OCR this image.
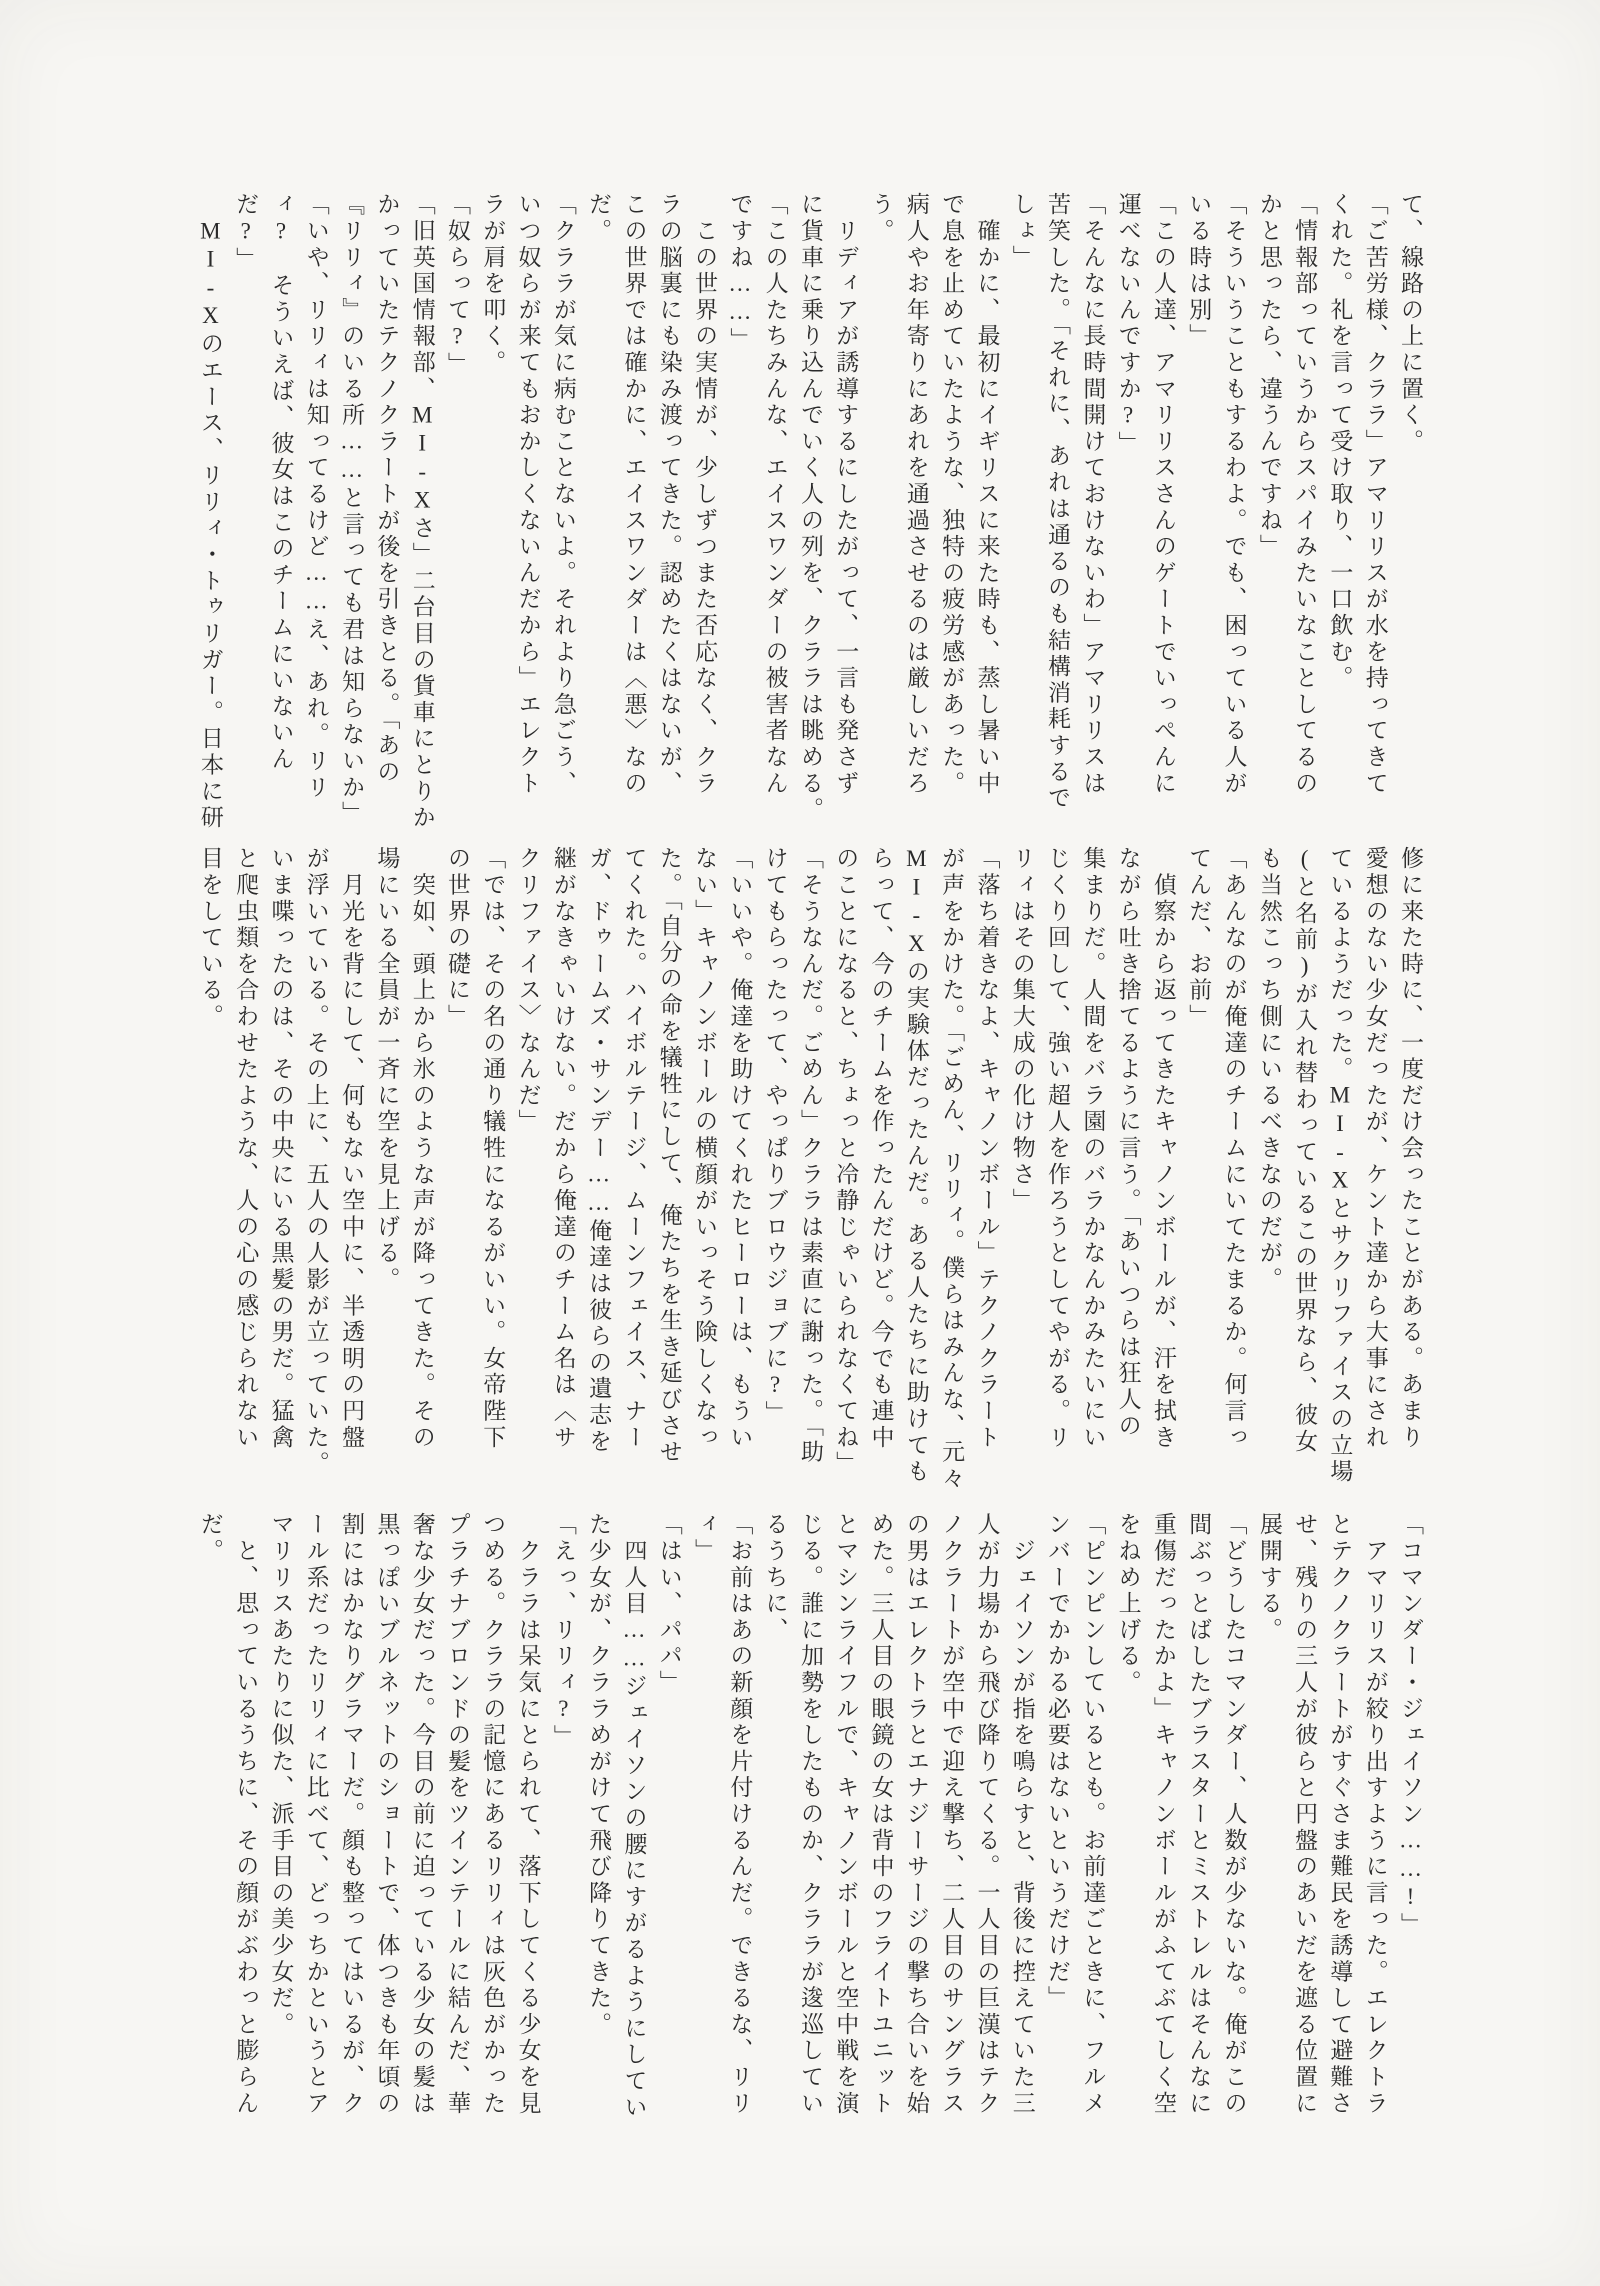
て、線路の上に置く。
「ご苦労様、クララ」アマリリスが水を持ってきて
くれた。礼を言って受け取り、一口飲む。
「情報部っていうからスパイみたいなことしてるの
かと思ったら、違うんですね」
「そういうこともするわよ。でも、困っている人が
いる時は別」
「この人達、アマリリスさんのゲートでいっぺんに
運べないんですか?」
「そんなに長時間開けておけないわ」アマリリスは
苦笑した。「それに、あれは通るのも結構消耗するで
しょ」
　確かに、最初にイギリスに来た時も、蒸し暑い中
で息を止めていたような、独特の疲労感があった。
病人やお年寄りにあれを通過させるのは厳しいだろ
う。
　リディアが誘導するにしたがって、一言も発さず
に貨車に乗り込んでいく人の列を、クララは眺める。
「この人たちみんな、エイスワンダーの被害者なん
ですね……」
　この世界の実情が、少しずつまた否応なく、クラ
ラの脳裏にも染み渡ってきた。認めたくはないが、
この世界では確かに、エイスワンダーは〈悪〉なの
だ。
「クララが気に病むことないよ。それより急ごう、
いつ奴らが来てもおかしくないんだから」エレクト
ラが肩を叩く。
「奴らって?」
「旧英国情報部、MI-Xさ」二台目の貨車にとりか
かっていたテクノクラートが後を引きとる。「あの
『リリィ』のいる所……と言っても君は知らないか」
「いや、リリィは知ってるけど……え、あれ。リリ
ィ?　そういえば、彼女はこのチームにいないん
だ?」
　MI-Xのエース、リリィ・トゥリガー。日本に研
修に来た時に、一度だけ会ったことがある。あまり
愛想のない少女だったが、ケント達から大事にされ
ているようだった。MI-Xとサクリファイスの立場
(と名前)が入れ替わっているこの世界なら、彼女
も当然こっち側にいるべきなのだが。
「あんなのが俺達のチームにいてたまるか。何言っ
てんだ、お前」
　偵察から返ってきたキャノンボールが、汗を拭き
ながら吐き捨てるように言う。「あいつらは狂人の
集まりだ。人間をバラ園のバラかなんかみたいにい
じくり回して、強い超人を作ろうとしてやがる。リ
リィはその集大成の化け物さ」
「落ち着きなよ、キャノンボール」テクノクラート
が声をかけた。「ごめん、リリィ。僕らはみんな、元々
MI-Xの実験体だったんだ。ある人たちに助けても
らって、今のチームを作ったんだけど。今でも連中
のことになると、ちょっと冷静じゃいられなくてね」
「そうなんだ。ごめん」クララは素直に謝った。「助
けてもらったって、やっぱりブロウジョブに?」
「いいや。俺達を助けてくれたヒーローは、もうい
ない」キャノンボールの横顔がいっそう険しくなっ
た。「自分の命を犠牲にして、俺たちを生き延びさせ
てくれた。ハイボルテージ、ムーンフェイス、ナー
ガ、ドゥームズ・サンデー……俺達は彼らの遺志を
継がなきゃいけない。だから俺達のチーム名は〈サ
クリファイス〉なんだ」
「では、その名の通り犠牲になるがいい。女帝陛下
の世界の礎に」
　突如、頭上から氷のような声が降ってきた。その
場にいる全員が一斉に空を見上げる。
　月光を背にして、何もない空中に、半透明の円盤
が浮いている。その上に、五人の人影が立っていた。
いま喋ったのは、その中央にいる黒髪の男だ。猛禽
と爬虫類を合わせたような、人の心の感じられない
目をしている。
「コマンダー・ジェイソン……!」
　アマリリスが絞り出すように言った。エレクトラ
とテクノクラートがすぐさま難民を誘導して避難さ
せ、残りの三人が彼らと円盤のあいだを遮る位置に
展開する。
「どうしたコマンダー、人数が少ないな。俺がこの
間ぶっとばしたブラスターとミストレルはそんなに
重傷だったかよ」キャノンボールがふてぶてしく空
をねめ上げる。
「ピンピンしているとも。お前達ごときに、フルメ
ンバーでかかる必要はないというだけだ」
　ジェイソンが指を鳴らすと、背後に控えていた三
人が力場から飛び降りてくる。一人目の巨漢はテク
ノクラートが空中で迎え撃ち、二人目のサングラス
の男はエレクトラとエナジーサージの撃ち合いを始
めた。三人目の眼鏡の女は背中のフライトユニット
とマシンライフルで、キャノンボールと空中戦を演
じる。誰に加勢をしたものか、クララが逡巡してい
るうちに、
「お前はあの新顔を片付けるんだ。できるな、リリ
ィ」
「はい、パパ」
　四人目……ジェイソンの腰にすがるようにしてい
た少女が、クララめがけて飛び降りてきた。
「えっ、リリィ?」
　クララは呆気にとられて、落下してくる少女を見
つめる。クララの記憶にあるリリィは灰色がかった
プラチナブロンドの髪をツインテールに結んだ、華
奢な少女だった。今目の前に迫っている少女の髪は
黒っぽいブルネットのショートで、体つきも年頃の
割にはかなりグラマーだ。顔も整ってはいるが、ク
ール系だったリリィに比べて、どっちかというとア
マリリスあたりに似た、派手目の美少女だ。
　と、思っているうちに、その顔がぶわっと膨らん
だ。
